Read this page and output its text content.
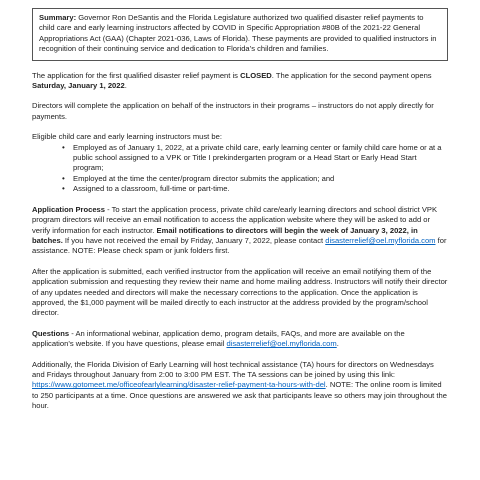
Summary: Governor Ron DeSantis and the Florida Legislature authorized two qualified disaster relief payments to child care and early learning instructors affected by COVID in Specific Appropriation #80B of the 2021-22 General Appropriations Act (GAA) (Chapter 2021-036, Laws of Florida). These payments are provided to qualified instructors in recognition of their continuing service and dedication to Florida’s children and families.

The application for the first qualified disaster relief payment is CLOSED. The application for the second payment opens Saturday, January 1, 2022.

Directors will complete the application on behalf of the instructors in their programs – instructors do not apply directly for payments.

Eligible child care and early learning instructors must be:

• Employed as of January 1, 2022, at a private child care, early learning center or family child care home or at a public school assigned to a VPK or Title I prekindergarten program or a Head Start or Early Head Start program;
• Employed at the time the center/program director submits the application; and
• Assigned to a classroom, full-time or part-time.

Application Process - To start the application process, private child care/early learning directors and school district VPK program directors will receive an email notification to access the application website where they will be asked to add or verify information for each instructor. Email notifications to directors will begin the week of January 3, 2022, in batches. If you have not received the email by Friday, January 7, 2022, please contact disasterrelief@oel.myflorida.com for assistance. NOTE: Please check spam or junk folders first.

After the application is submitted, each verified instructor from the application will receive an email notifying them of the application submission and requesting they review their name and home mailing address. Instructors will notify their director of any updates needed and directors will make the necessary corrections to the application. Once the application is approved, the $1,000 payment will be mailed directly to each instructor at the address provided by the program/school director.

Questions - An informational webinar, application demo, program details, FAQs, and more are available on the application’s website. If you have questions, please email disasterrelief@oel.myflorida.com.

Additionally, the Florida Division of Early Learning will host technical assistance (TA) hours for directors on Wednesdays and Fridays throughout January from 2:00 to 3:00 PM EST. The TA sessions can be joined by using this link: https://www.gotomeet.me/officeofearlylearning/disaster-relief-payment-ta-hours-with-del. NOTE: The online room is limited to 250 participants at a time. Once questions are answered we ask that participants leave so others may join throughout the hour.
